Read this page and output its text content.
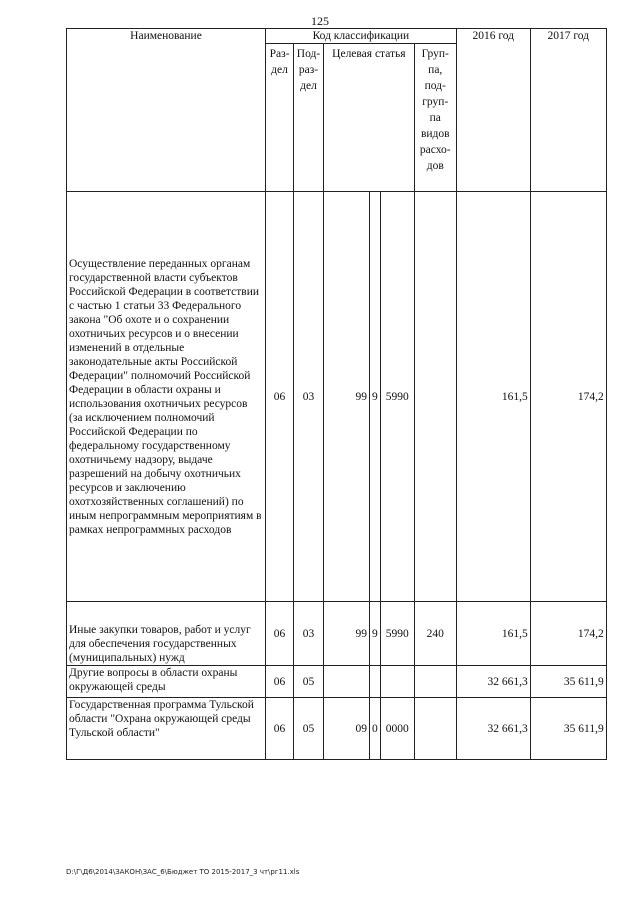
125
Наименование	Код классификации						2016 год	2017 год
	Раз-дел	Под-раз-дел	Целевая статья			Груп-па, под-груп-па видов расхо-дов		
Осуществление переданных органам государственной власти субъектов Российской Федерации в соответствии с частью 1 статьи 33 Федерального закона "Об охоте и о сохранении охотничьих ресурсов и о внесении изменений в отдельные законодательные акты Российской Федерации" полномочий Российской Федерации в области охраны и использования охотничьих ресурсов (за исключением полномочий Российской Федерации по федеральному государственному охотничьему надзору, выдаче разрешений на добычу охотничьих ресурсов и заключению охотхозяйственных соглашений) по иным непрограммным мероприятиям в рамках непрограммных расходов	06	03	99	9	5990		161,5	174,2
Иные закупки товаров, работ и услуг для обеспечения государственных (муниципальных) нужд	06	03	99	9	5990	240	161,5	174,2
Другие вопросы в области охраны окружающей среды	06	05					32 661,3	35 611,9
Государственная программа Тульской области "Охрана окружающей среды Тульской области"	06	05	09	0	0000		32 661,3	35 611,9
D:\Г\Д6\2014\ЗАКОН\ЗАС_6\Бюджет ТО 2015-2017_3 чт\рг11.xls
